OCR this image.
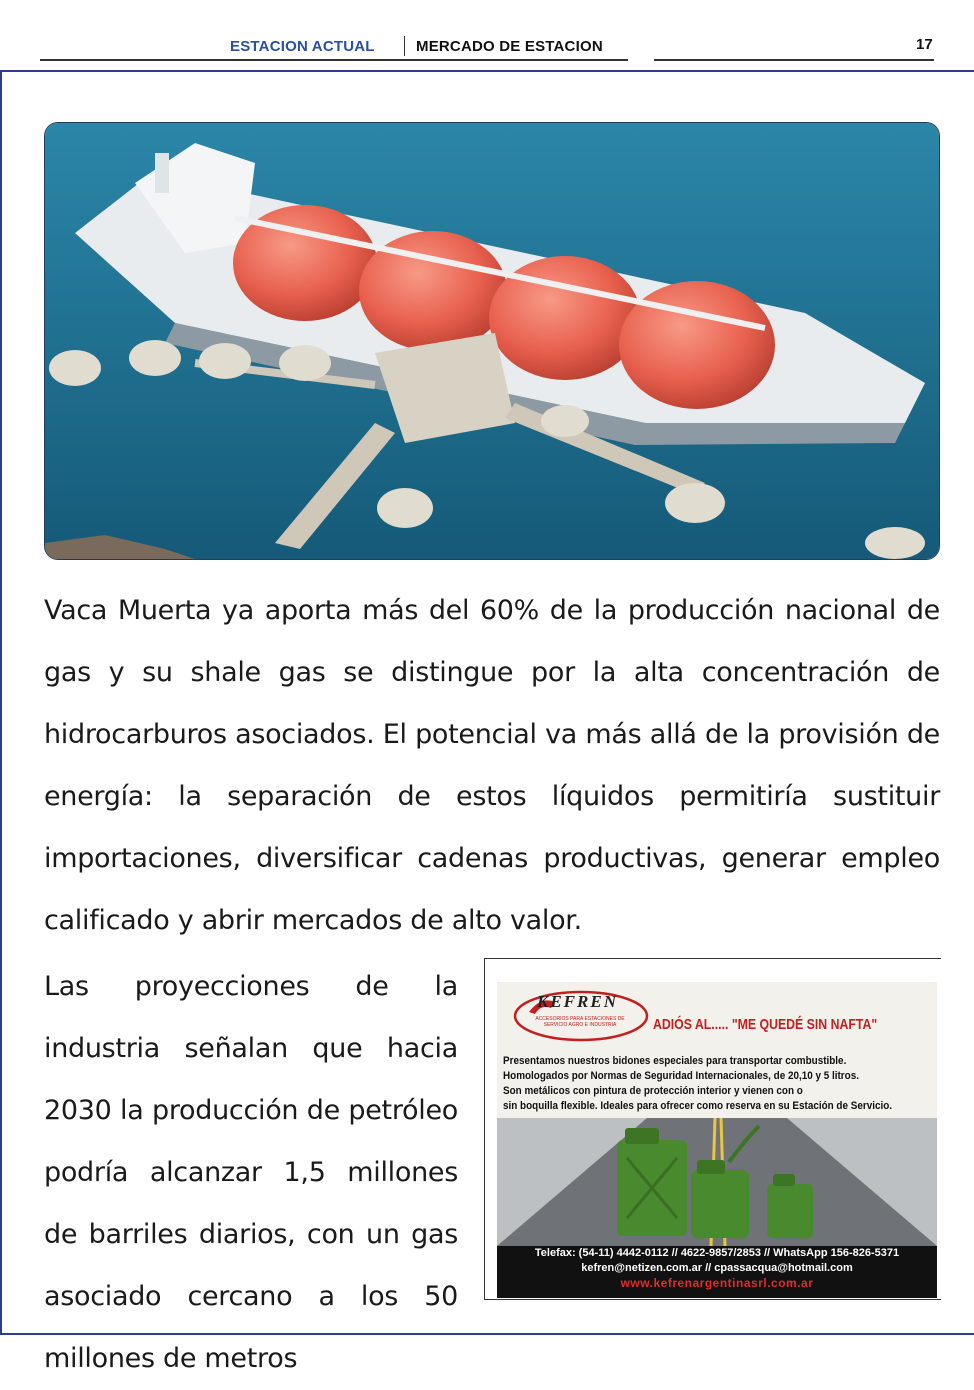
ESTACION ACTUAL	MERCADO DE ESTACION	17
Vaca Muerta ya aporta más del 60% de la producción nacional de gas y su shale gas se distingue por la alta concentración de hidrocarburos asociados. El potencial va más allá de la provisión de energía: la separación de estos líquidos permitiría sustituir importaciones, diversificar cadenas productivas, generar empleo calificado y abrir mercados de alto valor.
Las proyecciones de la industria señalan que hacia 2030 la producción de petróleo podría alcanzar 1,5 millones de barriles diarios, con un gas asociado cercano a los 50 millones de metros
KEFREN
ACCESORIOS PARA ESTACIONES DE SERVICIO AGRO E INDUSTRIA	ADIÓS AL..... "ME QUEDÉ SIN NAFTA"
Presentamos nuestros bidones especiales para transportar combustible.
Homologados por Normas de Seguridad Internacionales, de 20,10 y 5 litros.
Son metálicos con pintura de protección interior y vienen con o
sin boquilla flexible. Ideales para ofrecer como reserva en su Estación de Servicio.
Telefax: (54-11) 4442-0112 // 4622-9857/2853 // WhatsApp 156-826-5371
kefren@netizen.com.ar // cpassacqua@hotmail.com
www.kefrenargentinasrl.com.ar
